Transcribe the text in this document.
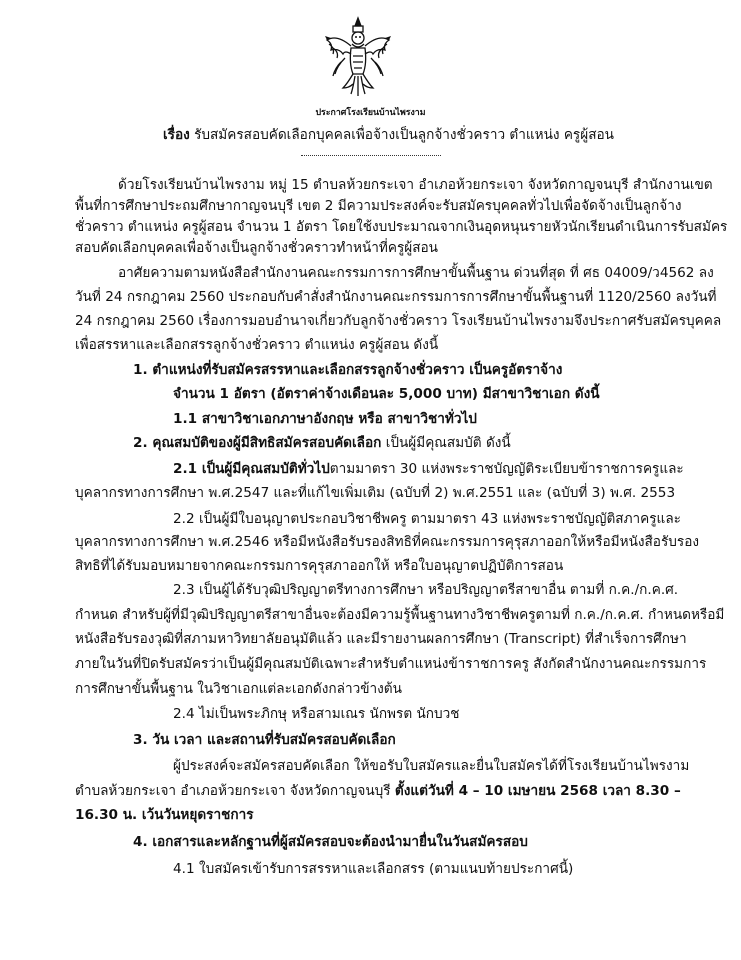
ประกาศโรงเรียนบ้านไพรงาม
เรื่อง รับสมัครสอบคัดเลือกบุคคลเพื่อจ้างเป็นลูกจ้างชั่วคราว ตำแหน่ง ครูผู้สอน
ด้วยโรงเรียนบ้านไพรงาม หมู่ 15 ตำบลห้วยกระเจา อำเภอห้วยกระเจา จังหวัดกาญจนบุรี สำนักงานเขต
พื้นที่การศึกษาประถมศึกษากาญจนบุรี เขต 2 มีความประสงค์จะรับสมัครบุคคลทั่วไปเพื่อจัดจ้างเป็นลูกจ้าง
ชั่วคราว ตำแหน่ง ครูผู้สอน จำนวน 1 อัตรา โดยใช้งบประมาณจากเงินอุดหนุนรายหัวนักเรียนดำเนินการรับสมัคร
สอบคัดเลือกบุคคลเพื่อจ้างเป็นลูกจ้างชั่วคราวทำหน้าที่ครูผู้สอน
อาศัยความตามหนังสือสำนักงานคณะกรรมการการศึกษาขั้นพื้นฐาน ด่วนที่สุด ที่ ศธ 04009/ว4562 ลง
วันที่ 24 กรกฎาคม 2560 ประกอบกับคำสั่งสำนักงานคณะกรรมการการศึกษาขั้นพื้นฐานที่ 1120/2560 ลงวันที่
24 กรกฎาคม 2560 เรื่องการมอบอำนาจเกี่ยวกับลูกจ้างชั่วคราว โรงเรียนบ้านไพรงามจึงประกาศรับสมัครบุคคล
เพื่อสรรหาและเลือกสรรลูกจ้างชั่วคราว ตำแหน่ง ครูผู้สอน ดังนี้
1. ตำแหน่งที่รับสมัครสรรหาและเลือกสรรลูกจ้างชั่วคราว เป็นครูอัตราจ้าง
จำนวน 1 อัตรา (อัตราค่าจ้างเดือนละ 5,000 บาท) มีสาขาวิชาเอก ดังนี้
1.1 สาขาวิชาเอกภาษาอังกฤษ หรือ สาขาวิชาทั่วไป
2. คุณสมบัติของผู้มีสิทธิสมัครสอบคัดเลือก เป็นผู้มีคุณสมบัติ ดังนี้
2.1 เป็นผู้มีคุณสมบัติทั่วไปตามมาตรา 30 แห่งพระราชบัญญัติระเบียบข้าราชการครูและ
บุคลากรทางการศึกษา พ.ศ.2547 และที่แก้ไขเพิ่มเติม (ฉบับที่ 2) พ.ศ.2551 และ (ฉบับที่ 3) พ.ศ. 2553
2.2 เป็นผู้มีใบอนุญาตประกอบวิชาชีพครู ตามมาตรา 43 แห่งพระราชบัญญัติสภาครูและ
บุคลากรทางการศึกษา พ.ศ.2546 หรือมีหนังสือรับรองสิทธิที่คณะกรรมการคุรุสภาออกให้หรือมีหนังสือรับรอง
สิทธิที่ได้รับมอบหมายจากคณะกรรมการคุรุสภาออกให้ หรือใบอนุญาตปฏิบัติการสอน
2.3 เป็นผู้ได้รับวุฒิปริญญาตรีทางการศึกษา หรือปริญญาตรีสาขาอื่น ตามที่ ก.ค./ก.ค.ศ.
กำหนด สำหรับผู้ที่มีวุฒิปริญญาตรีสาขาอื่นจะต้องมีความรู้พื้นฐานทางวิชาชีพครูตามที่ ก.ค./ก.ค.ศ. กำหนดหรือมี
หนังสือรับรองวุฒิที่สภามหาวิทยาลัยอนุมัติแล้ว และมีรายงานผลการศึกษา (Transcript) ที่สำเร็จการศึกษา
ภายในวันที่ปิดรับสมัครว่าเป็นผู้มีคุณสมบัติเฉพาะสำหรับตำแหน่งข้าราชการครู สังกัดสำนักงานคณะกรรมการ
การศึกษาขั้นพื้นฐาน ในวิชาเอกแต่ละเอกดังกล่าวข้างต้น
2.4 ไม่เป็นพระภิกษุ หรือสามเณร นักพรต นักบวช
3. วัน เวลา และสถานที่รับสมัครสอบคัดเลือก
ผู้ประสงค์จะสมัครสอบคัดเลือก ให้ขอรับใบสมัครและยื่นใบสมัครได้ที่โรงเรียนบ้านไพรงาม
ตำบลห้วยกระเจา อำเภอห้วยกระเจา จังหวัดกาญจนบุรี ตั้งแต่วันที่ 4 – 10 เมษายน 2568 เวลา 8.30 –
16.30 น. เว้นวันหยุดราชการ
4. เอกสารและหลักฐานที่ผู้สมัครสอบจะต้องนำมายื่นในวันสมัครสอบ
4.1 ใบสมัครเข้ารับการสรรหาและเลือกสรร (ตามแนบท้ายประกาศนี้)
